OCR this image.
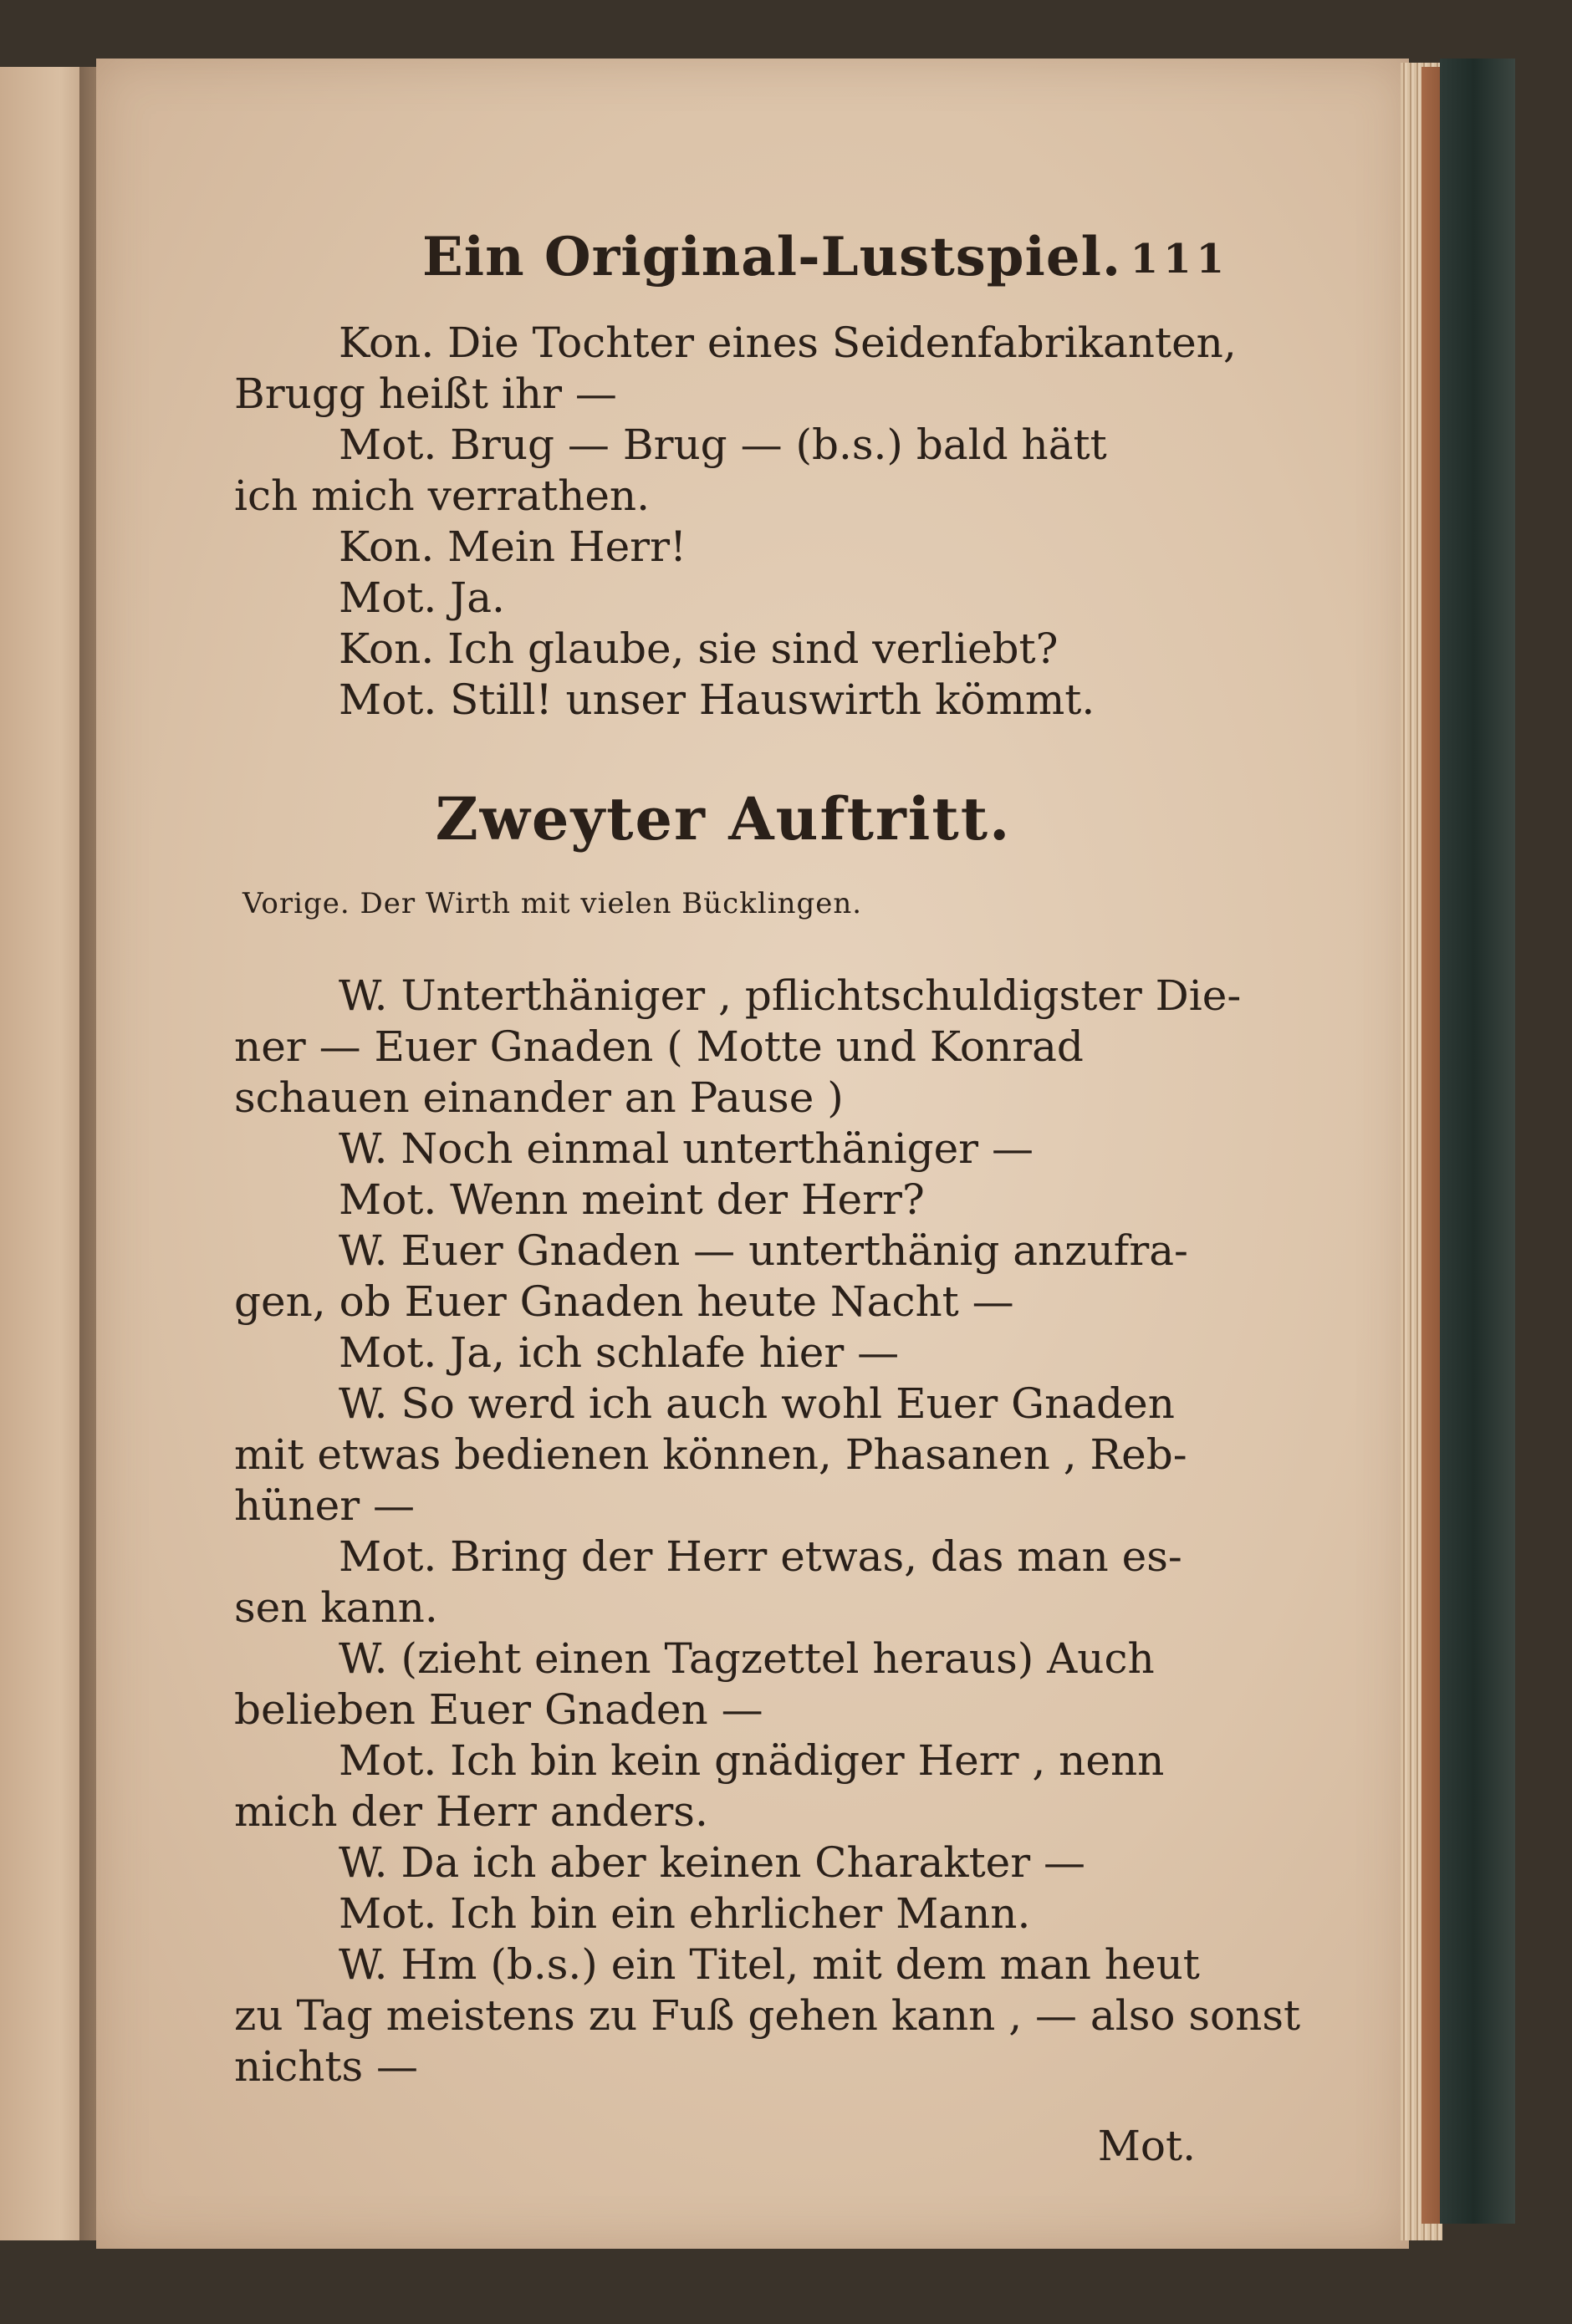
Ein Original-Lustspiel. 111
Kon. Die Tochter eines Seidenfabrikanten,
Brugg heißt ihr —
Mot. Brug — Brug — (b.s.) bald hätt
ich mich verrathen.
Kon. Mein Herr!
Mot. Ja.
Kon. Ich glaube, sie sind verliebt?
Mot. Still! unser Hauswirth kömmt.
Zweyter Auftritt.
Vorige. Der Wirth mit vielen Bücklingen.
W. Unterthäniger , pflichtschuldigster Die-
ner — Euer Gnaden ( Motte und Konrad
schauen einander an Pause )
W. Noch einmal unterthäniger —
Mot. Wenn meint der Herr?
W. Euer Gnaden — unterthänig anzufra-
gen, ob Euer Gnaden heute Nacht —
Mot. Ja, ich schlafe hier —
W. So werd ich auch wohl Euer Gnaden
mit etwas bedienen können, Phasanen , Reb-
hüner —
Mot. Bring der Herr etwas, das man es-
sen kann.
W. (zieht einen Tagzettel heraus) Auch
belieben Euer Gnaden —
Mot. Ich bin kein gnädiger Herr , nenn
mich der Herr anders.
W. Da ich aber keinen Charakter —
Mot. Ich bin ein ehrlicher Mann.
W. Hm (b.s.) ein Titel, mit dem man heut
zu Tag meistens zu Fuß gehen kann , — also sonst
nichts —
Mot.
